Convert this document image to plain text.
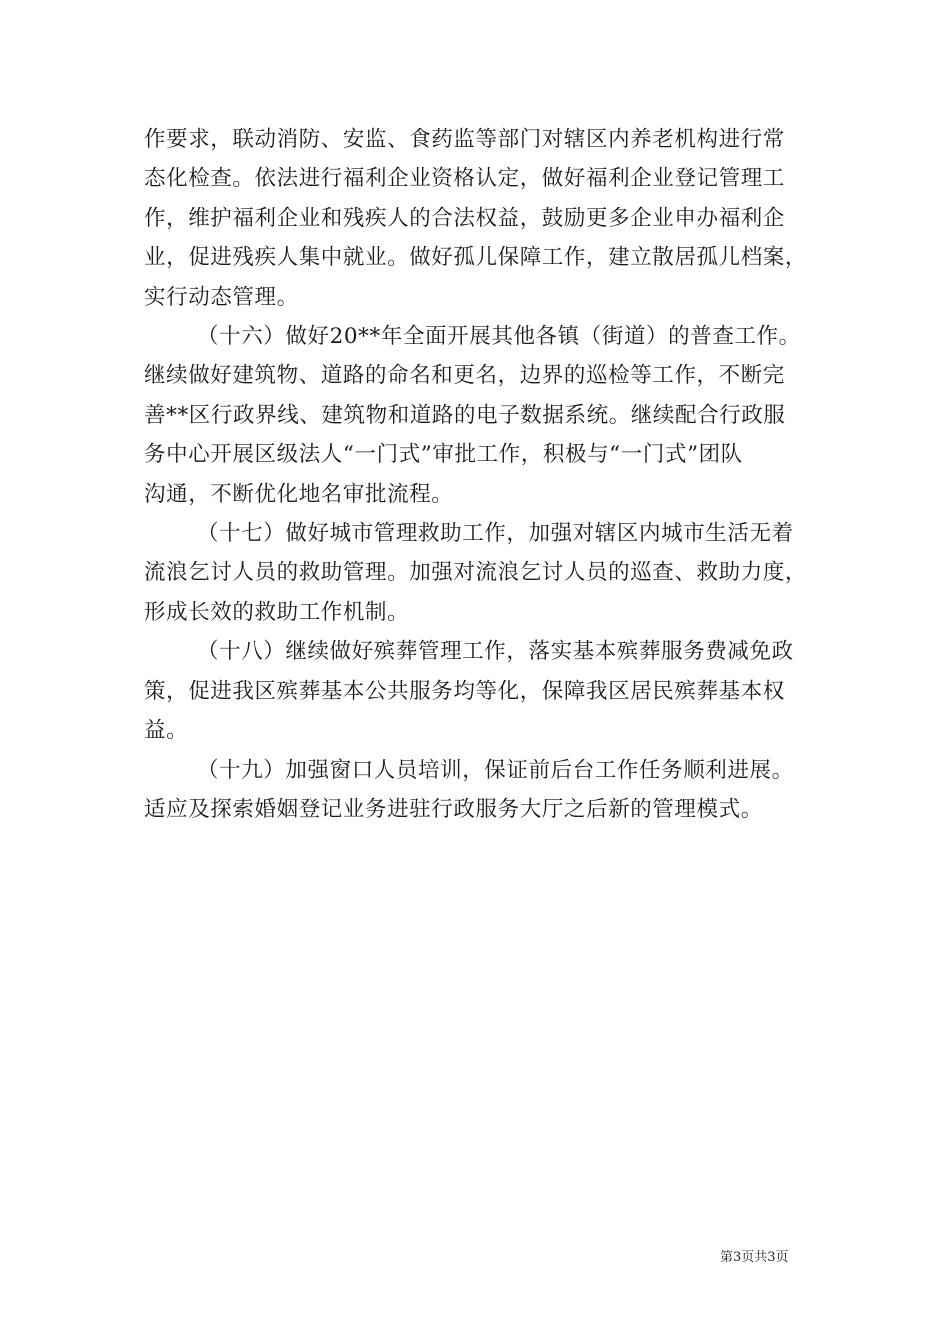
作要求，联动消防、安监、食药监等部门对辖区内养老机构进行常
态化检查。依法进行福利企业资格认定，做好福利企业登记管理工
作，维护福利企业和残疾人的合法权益，鼓励更多企业申办福利企
业，促进残疾人集中就业。做好孤儿保障工作，建立散居孤儿档案，
实行动态管理。

（十六）做好20**年全面开展其他各镇（街道）的普查工作。
继续做好建筑物、道路的命名和更名，边界的巡检等工作，不断完
善**区行政界线、建筑物和道路的电子数据系统。继续配合行政服
务中心开展区级法人“一门式”审批工作，积极与“一门式”团队
沟通，不断优化地名审批流程。

（十七）做好城市管理救助工作，加强对辖区内城市生活无着
流浪乞讨人员的救助管理。加强对流浪乞讨人员的巡查、救助力度，
形成长效的救助工作机制。

（十八）继续做好殡葬管理工作，落实基本殡葬服务费减免政
策，促进我区殡葬基本公共服务均等化，保障我区居民殡葬基本权
益。

（十九）加强窗口人员培训，保证前后台工作任务顺利进展。
适应及探索婚姻登记业务进驻行政服务大厅之后新的管理模式。

第3页共3页
